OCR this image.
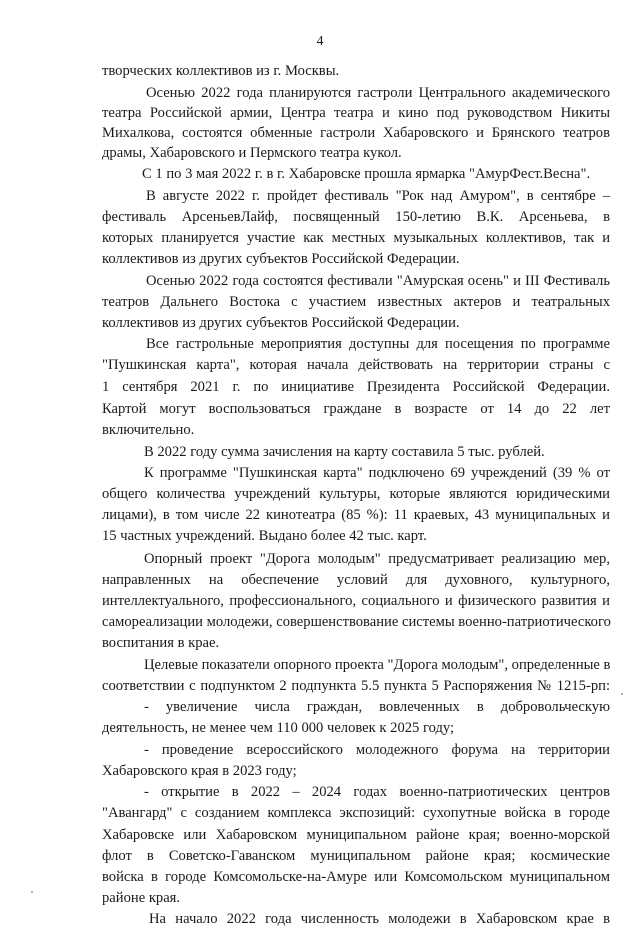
4
творческих коллективов из г. Москвы.
Осенью 2022 года планируются гастроли Центрального академического
театра Российской армии, Центра театра и кино под руководством Никиты
Михалкова, состоятся обменные гастроли Хабаровского и Брянского театров
драмы, Хабаровского и Пермского театра кукол.
С 1 по 3 мая 2022 г. в г. Хабаровске прошла ярмарка "АмурФест.Весна".
В августе 2022 г. пройдет фестиваль "Рок над Амуром", в сентябре –
фестиваль АрсеньевЛайф, посвященный 150-летию В.К. Арсеньева, в
которых планируется участие как местных музыкальных коллективов, так и
коллективов из других субъектов Российской Федерации.
Осенью 2022 года состоятся фестивали "Амурская осень" и III Фестиваль
театров Дальнего Востока с участием известных актеров и театральных
коллективов из других субъектов Российской Федерации.
Все гастрольные мероприятия доступны для посещения по программе
"Пушкинская карта", которая начала действовать на территории страны с
1 сентября 2021 г. по инициативе Президента Российской Федерации.
Картой могут воспользоваться граждане в возрасте от 14 до 22 лет
включительно.
В 2022 году сумма зачисления на карту составила 5 тыс. рублей.
К программе "Пушкинская карта" подключено 69 учреждений (39 % от
общего количества учреждений культуры, которые являются юридическими
лицами), в том числе 22 кинотеатра (85 %): 11 краевых, 43 муниципальных и
15 частных учреждений. Выдано более 42 тыс. карт.
Опорный проект "Дорога молодым" предусматривает реализацию мер,
направленных на обеспечение условий для духовного, культурного,
интеллектуального, профессионального, социального и физического развития и
самореализации молодежи, совершенствование системы военно-патриотического
воспитания в крае.
Целевые показатели опорного проекта "Дорога молодым", определенные в
соответствии с подпунктом 2 подпункта 5.5 пункта 5 Распоряжения № 1215-рп:
- увеличение числа граждан, вовлеченных в добровольческую
деятельность, не менее чем 110 000 человек к 2025 году;
- проведение всероссийского молодежного форума на территории
Хабаровского края в 2023 году;
- открытие в 2022 – 2024 годах военно-патриотических центров
"Авангард" с созданием комплекса экспозиций: сухопутные войска в городе
Хабаровске или Хабаровском муниципальном районе края; военно-морской
флот в Советско-Гаванском муниципальном районе края; космические
войска в городе Комсомольске-на-Амуре или Комсомольском муниципальном
районе края.
На начало 2022 года численность молодежи в Хабаровском крае в
